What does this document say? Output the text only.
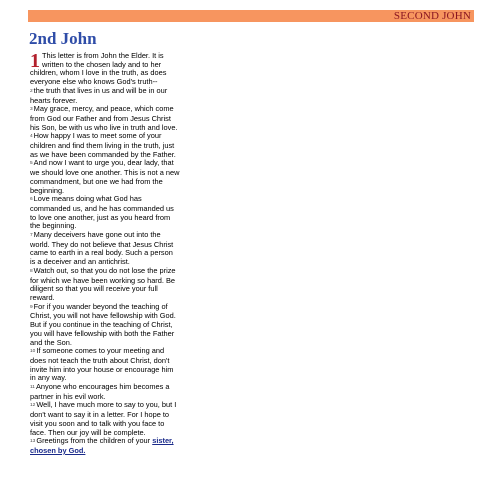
SECOND JOHN
2nd John

1 This letter is from John the Elder. It is written to the chosen lady and to her children, whom I love in the truth, as does everyone else who knows God's truth--

2the truth that lives in us and will be in our hearts forever.

3May grace, mercy, and peace, which come from God our Father and from Jesus Christ his Son, be with us who live in truth and love.

4How happy I was to meet some of your children and find them living in the truth, just as we have been commanded by the Father.

5And now I want to urge you, dear lady, that we should love one another. This is not a new commandment, but one we had from the beginning.

6Love means doing what God has commanded us, and he has commanded us to love one another, just as you heard from the beginning.

7Many deceivers have gone out into the world. They do not believe that Jesus Christ came to earth in a real body. Such a person is a deceiver and an antichrist.

8Watch out, so that you do not lose the prize for which we have been working so hard. Be diligent so that you will receive your full reward.

9For if you wander beyond the teaching of Christ, you will not have fellowship with God. But if you continue in the teaching of Christ, you will have fellowship with both the Father and the Son.

10If someone comes to your meeting and does not teach the truth about Christ, don't invite him into your house or encourage him in any way.

11Anyone who encourages him becomes a partner in his evil work.

12Well, I have much more to say to you, but I don't want to say it in a letter. For I hope to visit you soon and to talk with you face to face. Then our joy will be complete.

13Greetings from the children of your sister, chosen by God.
